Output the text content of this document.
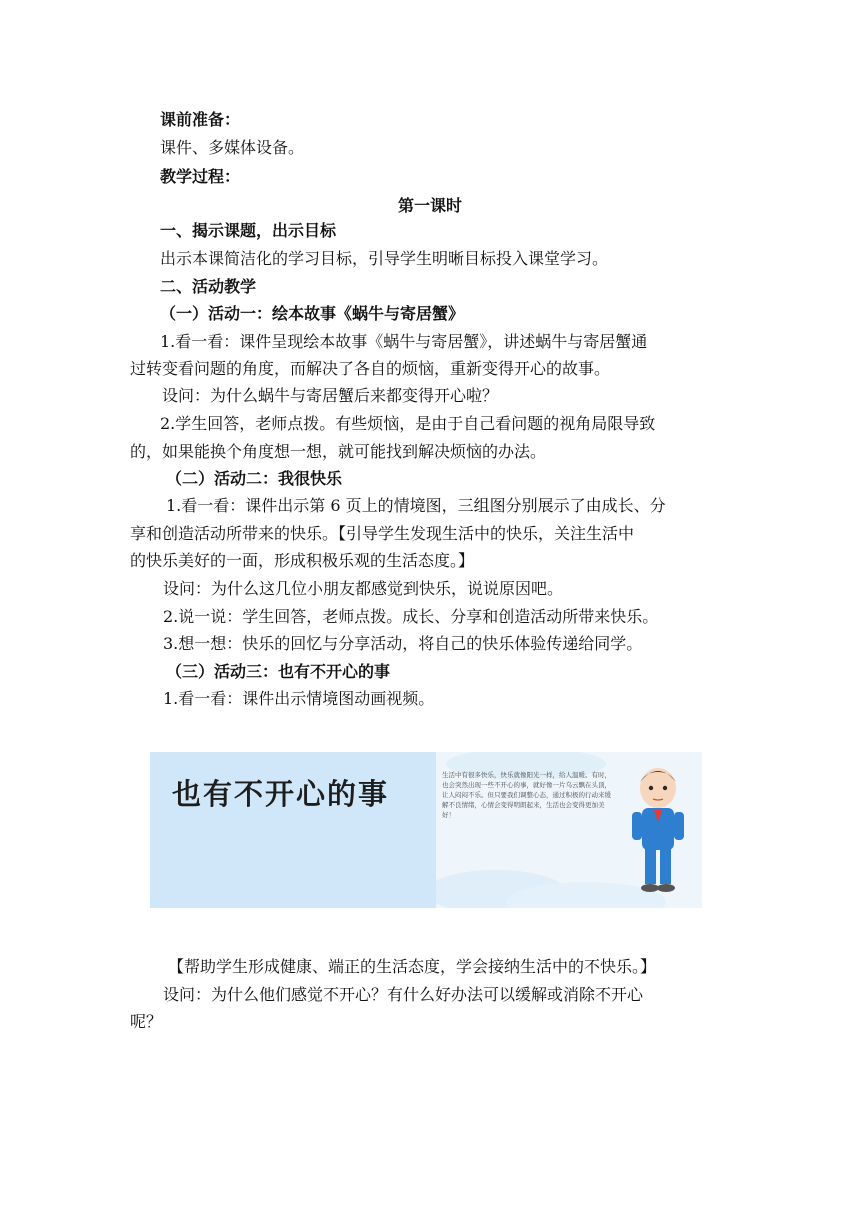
课前准备：
课件、多媒体设备。
教学过程：
第一课时
一、揭示课题，出示目标
出示本课简洁化的学习目标，引导学生明晰目标投入课堂学习。
二、活动教学
（一）活动一：绘本故事《蜗牛与寄居蟹》
1.看一看：课件呈现绘本故事《蜗牛与寄居蟹》，讲述蜗牛与寄居蟹通
过转变看问题的角度，而解决了各自的烦恼，重新变得开心的故事。
设问：为什么蜗牛与寄居蟹后来都变得开心啦？
2.学生回答，老师点拨。有些烦恼，是由于自己看问题的视角局限导致
的，如果能换个角度想一想，就可能找到解决烦恼的办法。
（二）活动二：我很快乐
1.看一看：课件出示第 6 页上的情境图，三组图分别展示了由成长、分
享和创造活动所带来的快乐。【引导学生发现生活中的快乐，关注生活中
的快乐美好的一面，形成积极乐观的生活态度。】
设问：为什么这几位小朋友都感觉到快乐，说说原因吧。
2.说一说：学生回答，老师点拨。成长、分享和创造活动所带来快乐。
3.想一想：快乐的回忆与分享活动，将自己的快乐体验传递给同学。
（三）活动三：也有不开心的事
1.看一看：课件出示情境图动画视频。
也有不开心的事
生活中有很多快乐，快乐就像阳光一样，给人温暖。有时，也会突然出现一些不开心的事，就好像一片乌云飘在头顶，让人闷闷不乐。但只要我们调整心态，通过积极的行动来缓解不良情绪，心情会变得明朗起来，生活也会变得更加美好！
【帮助学生形成健康、端正的生活态度，学会接纳生活中的不快乐。】
设问：为什么他们感觉不开心？有什么好办法可以缓解或消除不开心
呢？
